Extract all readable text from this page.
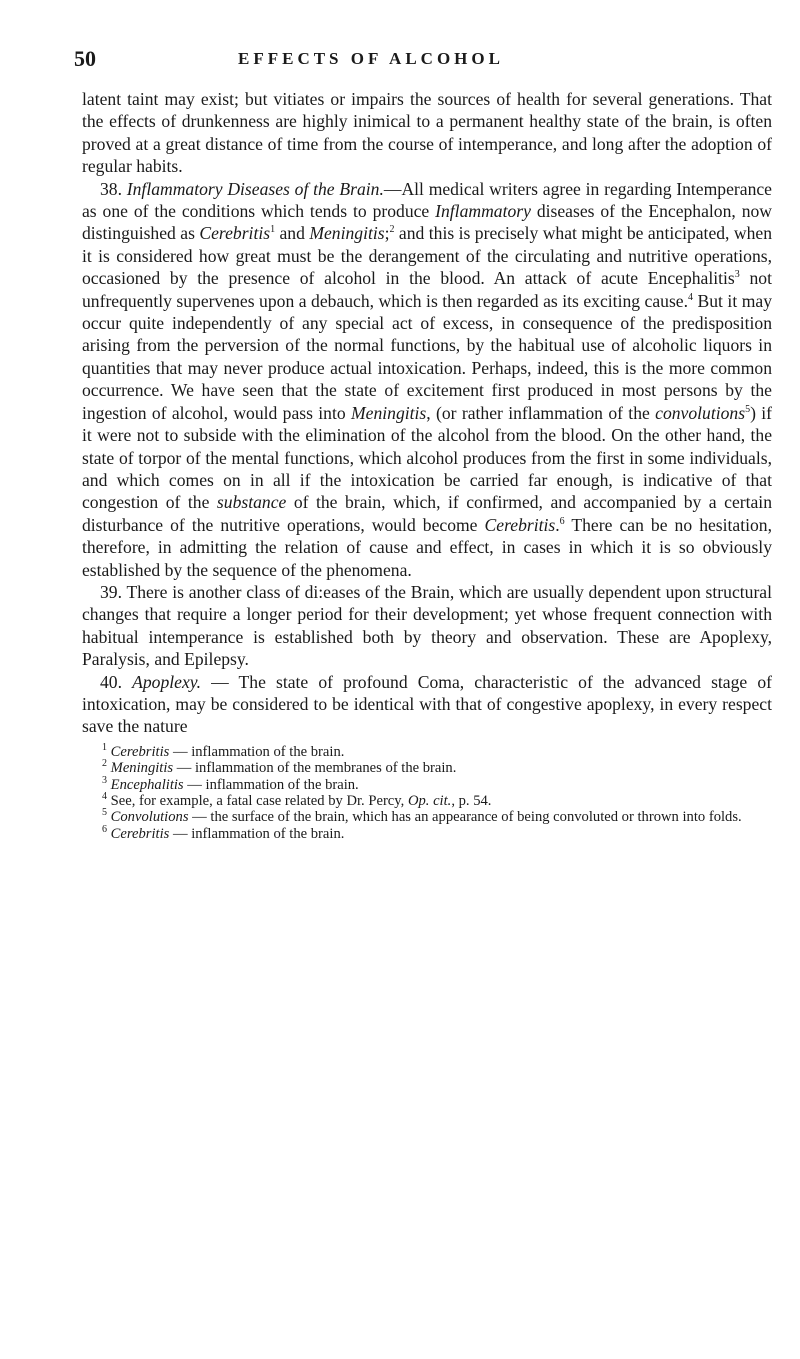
50	EFFECTS OF ALCOHOL

latent taint may exist; but vitiates or impairs the sources of health for several generations. That the effects of drunkenness are highly inimical to a permanent healthy state of the brain, is often proved at a great distance of time from the course of intemperance, and long after the adoption of regular habits.

38. Inflammatory Diseases of the Brain.—All medical writers agree in regarding Intemperance as one of the conditions which tends to produce Inflammatory diseases of the Encephalon, now distinguished as Cerebritis$^1$ and Meningitis;$^2$ and this is precisely what might be anticipated, when it is considered how great must be the derangement of the circulating and nutritive operations, occasioned by the presence of alcohol in the blood. An attack of acute Encephalitis$^3$ not unfrequently supervenes upon a debauch, which is then regarded as its exciting cause.$^4$ But it may occur quite independently of any special act of excess, in consequence of the predisposition arising from the perversion of the normal functions, by the habitual use of alcoholic liquors in quantities that may never produce actual intoxication. Perhaps, indeed, this is the more common occurrence. We have seen that the state of excitement first produced in most persons by the ingestion of alcohol, would pass into Meningitis, (or rather inflammation of the convolutions$^5$) if it were not to subside with the elimination of the alcohol from the blood. On the other hand, the state of torpor of the mental functions, which alcohol produces from the first in some individuals, and which comes on in all if the intoxication be carried far enough, is indicative of that congestion of the substance of the brain, which, if confirmed, and accompanied by a certain disturbance of the nutritive operations, would become Cerebritis.$^6$ There can be no hesitation, therefore, in admitting the relation of cause and effect, in cases in which it is so obviously established by the sequence of the phenomena.

39. There is another class of di:eases of the Brain, which are usually dependent upon structural changes that require a longer period for their development; yet whose frequent connection with habitual intemperance is established both by theory and observation. These are Apoplexy, Paralysis, and Epilepsy.

40. Apoplexy. — The state of profound Coma, characteristic of the advanced stage of intoxication, may be considered to be identical with that of congestive apoplexy, in every respect save the nature

$^1$ Cerebritis — inflammation of the brain.

$^2$ Meningitis — inflammation of the membranes of the brain.

$^3$ Encephalitis — inflammation of the brain.

$^4$ See, for example, a fatal case related by Dr. Percy, Op. cit., p. 54.

$^5$ Convolutions — the surface of the brain, which has an appearance of being convoluted or thrown into folds.

$^6$ Cerebritis — inflammation of the brain.
